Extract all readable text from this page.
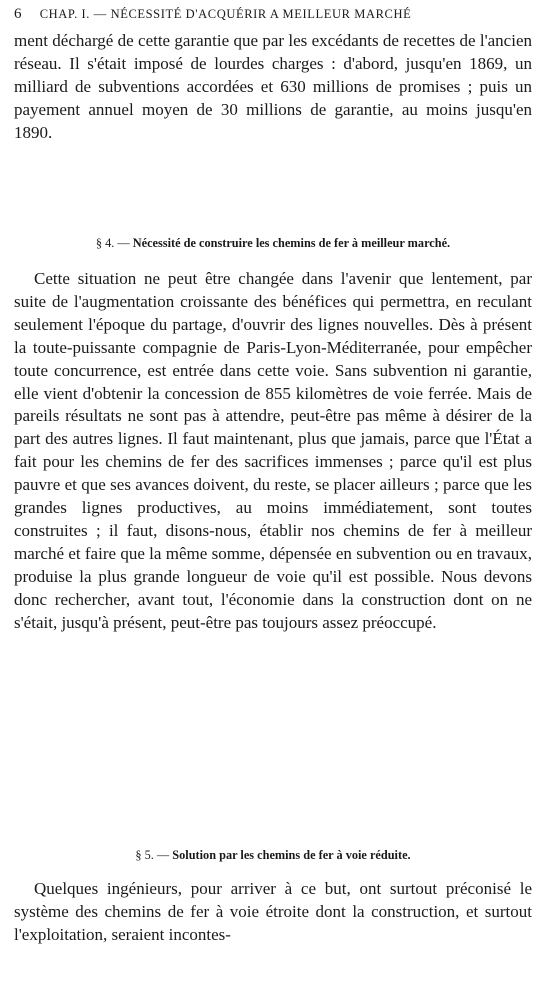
6 CHAP. I. — NÉCESSITÉ D'ACQUÉRIR A MEILLEUR MARCHÉ

ment déchargé de cette garantie que par les excédants de recettes de l'ancien réseau. Il s'était imposé de lourdes charges : d'abord, jusqu'en 1869, un milliard de subventions accordées et 630 millions de promises ; puis un payement annuel moyen de 30 millions de garantie, au moins jusqu'en 1890.

§ 4. — Nécessité de construire les chemins de fer à meilleur marché.

Cette situation ne peut être changée dans l'avenir que lentement, par suite de l'augmentation croissante des bénéfices qui permettra, en reculant seulement l'époque du partage, d'ouvrir des lignes nouvelles. Dès à présent la toute-puissante compagnie de Paris-Lyon-Méditerranée, pour empêcher toute concurrence, est entrée dans cette voie. Sans subvention ni garantie, elle vient d'obtenir la concession de 855 kilomètres de voie ferrée. Mais de pareils résultats ne sont pas à attendre, peut-être pas même à désirer de la part des autres lignes. Il faut maintenant, plus que jamais, parce que l'État a fait pour les chemins de fer des sacrifices immenses ; parce qu'il est plus pauvre et que ses avances doivent, du reste, se placer ailleurs ; parce que les grandes lignes productives, au moins immédiatement, sont toutes construites ; il faut, disons-nous, établir nos chemins de fer à meilleur marché et faire que la même somme, dépensée en subvention ou en travaux, produise la plus grande longueur de voie qu'il est possible. Nous devons donc rechercher, avant tout, l'économie dans la construction dont on ne s'était, jusqu'à présent, peut-être pas toujours assez préoccupé.

§ 5. — Solution par les chemins de fer à voie réduite.

Quelques ingénieurs, pour arriver à ce but, ont surtout préconisé le système des chemins de fer à voie étroite dont la construction, et surtout l'exploitation, seraient incontes-
